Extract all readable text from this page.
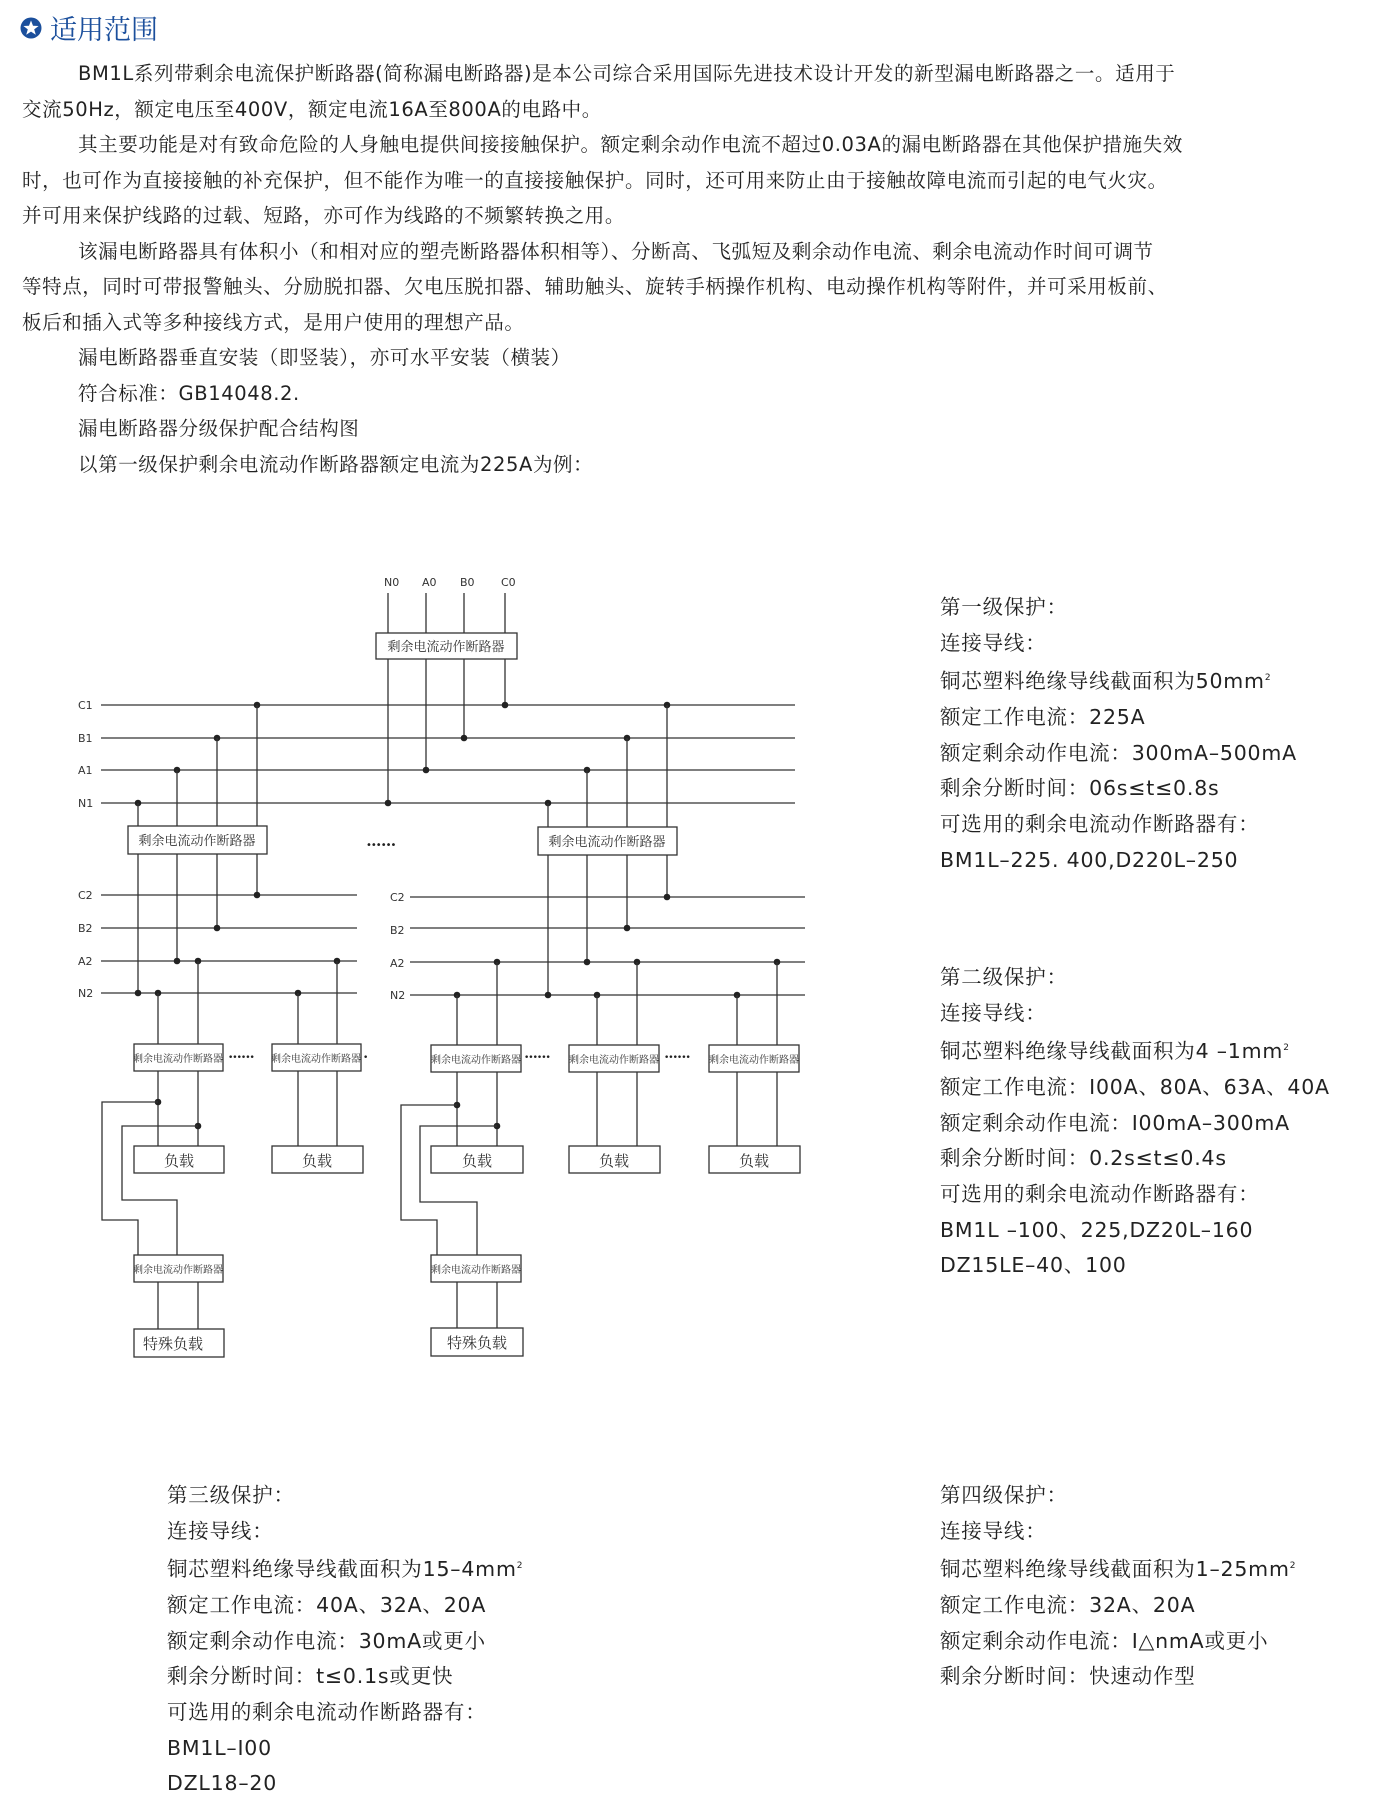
适用范围

BM1L系列带剩余电流保护断路器(简称漏电断路器)是本公司综合采用国际先进技术设计开发的新型漏电断路器之一。适用于

交流50Hz，额定电压至400V，额定电流16A至800A的电路中。

其主要功能是对有致命危险的人身触电提供间接接触保护。额定剩余动作电流不超过0.03A的漏电断路器在其他保护措施失效

时，也可作为直接接触的补充保护，但不能作为唯一的直接接触保护。同时，还可用来防止由于接触故障电流而引起的电气火灾。

并可用来保护线路的过载、短路，亦可作为线路的不频繁转换之用。

该漏电断路器具有体积小（和相对应的塑壳断路器体积相等）、分断高、飞弧短及剩余动作电流、剩余电流动作时间可调节

等特点，同时可带报警触头、分励脱扣器、欠电压脱扣器、辅助触头、旋转手柄操作机构、电动操作机构等附件，并可采用板前、

板后和插入式等多种接线方式，是用户使用的理想产品。

漏电断路器垂直安装（即竖装），亦可水平安装（横装）

符合标准：GB14048.2.

漏电断路器分级保护配合结构图

以第一级保护剩余电流动作断路器额定电流为225A为例：

N0 A0 B0 C0
剩余电流动作断路器
C1
B1
A1
N1
剩余电流动作断路器	剩余电流动作断路器
••••••
C2
B2
A2
N2
C2
B2
A2
N2
剩余电流动作断路器	剩余电流动作断路器
••••••	•	剩余电流动作断路器	剩余电流动作断路器	剩余电流动作断路器
••••••	••••••
负载	负载	负载	负载	负载
剩余电流动作断路器	剩余电流动作断路器
特殊负载	特殊负载

第一级保护：

连接导线：

铜芯塑料绝缘导线截面积为$50mm^2$

额定工作电流：225A

额定剩余动作电流：300mA–500mA

剩余分断时间：06s≤t≤0.8s

可选用的剩余电流动作断路器有：

BM1L–225. 400,D220L–250

第二级保护：

连接导线：

铜芯塑料绝缘导线截面积为4 $-1mm^2$

额定工作电流：I00A、80A、63A、40A

额定剩余动作电流：I00mA–300mA

剩余分断时间：0.2s≤t≤0.4s

可选用的剩余电流动作断路器有：

BM1L –100、225,DZ20L–160

DZ15LE–40、100

第三级保护：

连接导线：

铜芯塑料绝缘导线截面积为$15-4mm^2$

额定工作电流：40A、32A、20A

额定剩余动作电流：30mA或更小

剩余分断时间：t≤0.1s或更快

可选用的剩余电流动作断路器有：

BM1L–I00

DZL18–20

第四级保护：

连接导线：

铜芯塑料绝缘导线截面积为$1-25mm^2$

额定工作电流：32A、20A

额定剩余动作电流：I△nmA或更小

剩余分断时间：快速动作型
